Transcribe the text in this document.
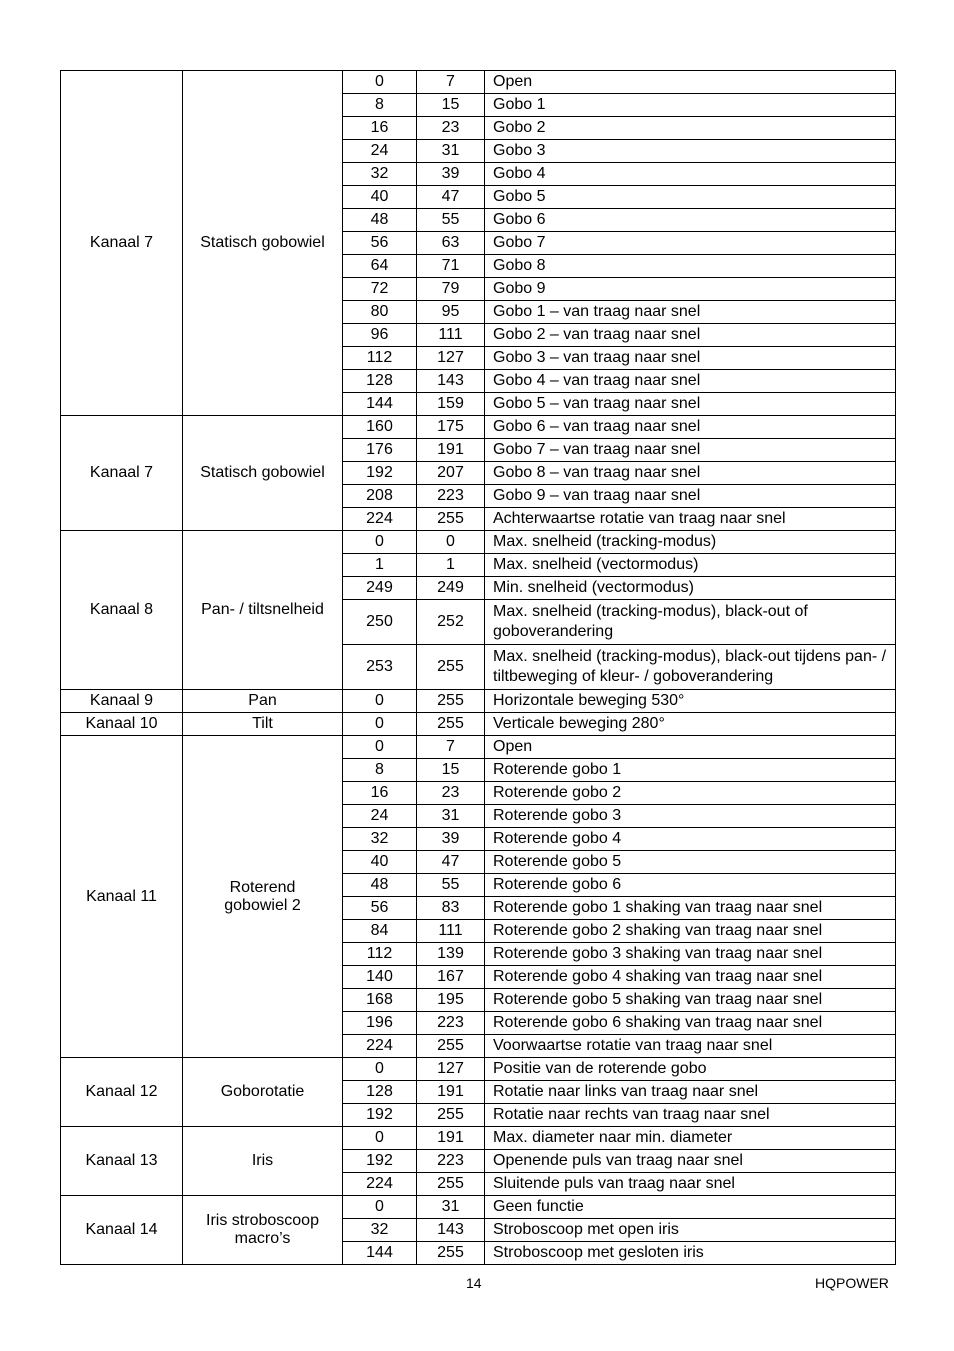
Kanaal 7	Statisch gobowiel	0	7	Open
		8	15	Gobo 1
		16	23	Gobo 2
		24	31	Gobo 3
		32	39	Gobo 4
		40	47	Gobo 5
		48	55	Gobo 6
		56	63	Gobo 7
		64	71	Gobo 8
		72	79	Gobo 9
		80	95	Gobo 1 – van traag naar snel
		96	111	Gobo 2 – van traag naar snel
		112	127	Gobo 3 – van traag naar snel
		128	143	Gobo 4 – van traag naar snel
		144	159	Gobo 5 – van traag naar snel
Kanaal 7	Statisch gobowiel	160	175	Gobo 6 – van traag naar snel
		176	191	Gobo 7 – van traag naar snel
		192	207	Gobo 8 – van traag naar snel
		208	223	Gobo 9 – van traag naar snel
		224	255	Achterwaartse rotatie van traag naar snel
Kanaal 8	Pan- / tiltsnelheid	0	0	Max. snelheid (tracking-modus)
		1	1	Max. snelheid (vectormodus)
		249	249	Min. snelheid (vectormodus)
		250	252	Max. snelheid (tracking-modus), black-out of goboverandering
		253	255	Max. snelheid (tracking-modus), black-out tijdens pan- / tiltbeweging of kleur- / goboverandering
Kanaal 9	Pan	0	255	Horizontale beweging 530°
Kanaal 10	Tilt	0	255	Verticale beweging 280°
Kanaal 11	Roterend gobowiel 2	0	7	Open
		8	15	Roterende gobo 1
		16	23	Roterende gobo 2
		24	31	Roterende gobo 3
		32	39	Roterende gobo 4
		40	47	Roterende gobo 5
		48	55	Roterende gobo 6
		56	83	Roterende gobo 1 shaking van traag naar snel
		84	111	Roterende gobo 2 shaking van traag naar snel
		112	139	Roterende gobo 3 shaking van traag naar snel
		140	167	Roterende gobo 4 shaking van traag naar snel
		168	195	Roterende gobo 5 shaking van traag naar snel
		196	223	Roterende gobo 6 shaking van traag naar snel
		224	255	Voorwaartse rotatie van traag naar snel
Kanaal 12	Goborotatie	0	127	Positie van de roterende gobo
		128	191	Rotatie naar links van traag naar snel
		192	255	Rotatie naar rechts van traag naar snel
Kanaal 13	Iris	0	191	Max. diameter naar min. diameter
		192	223	Openende puls van traag naar snel
		224	255	Sluitende puls van traag naar snel
Kanaal 14	Iris stroboscoop macro’s	0	31	Geen functie
		32	143	Stroboscoop met open iris
		144	255	Stroboscoop met gesloten iris
14	HQPOWER
